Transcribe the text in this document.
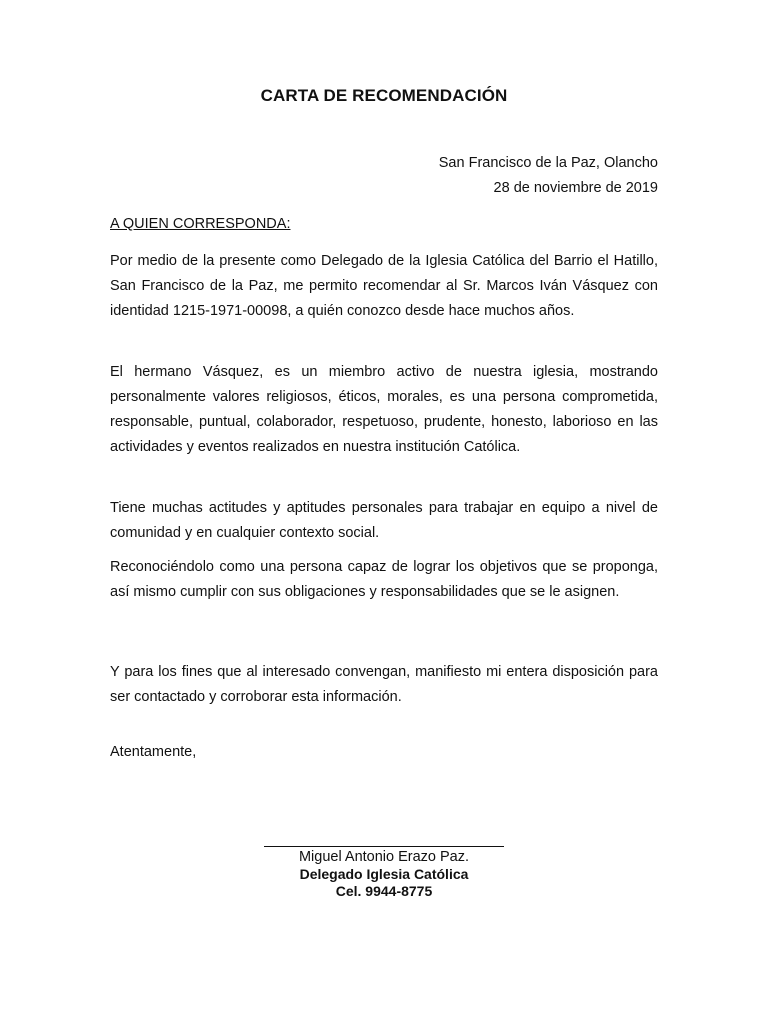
CARTA DE RECOMENDACIÓN
San Francisco de la Paz, Olancho
28 de noviembre de 2019
A QUIEN CORRESPONDA:

Por medio de la presente como Delegado de la Iglesia Católica del Barrio el Hatillo, San Francisco de la Paz, me permito recomendar al Sr. Marcos Iván Vásquez con identidad 1215-1971-00098, a quién conozco desde hace muchos años.

El hermano Vásquez, es un miembro activo de nuestra iglesia, mostrando personalmente valores religiosos, éticos, morales, es una persona comprometida, responsable, puntual, colaborador, respetuoso, prudente, honesto, laborioso en las actividades y eventos realizados en nuestra institución Católica.

Tiene muchas actitudes y aptitudes personales para trabajar en equipo a nivel de comunidad y en cualquier contexto social.

Reconociéndolo como una persona capaz de lograr los objetivos que se proponga, así mismo cumplir con sus obligaciones y responsabilidades que se le asignen.

Y para los fines que al interesado convengan, manifiesto mi entera disposición para ser contactado y corroborar esta información.

Atentamente,
Miguel Antonio Erazo Paz.
Delegado Iglesia Católica
Cel. 9944-8775
